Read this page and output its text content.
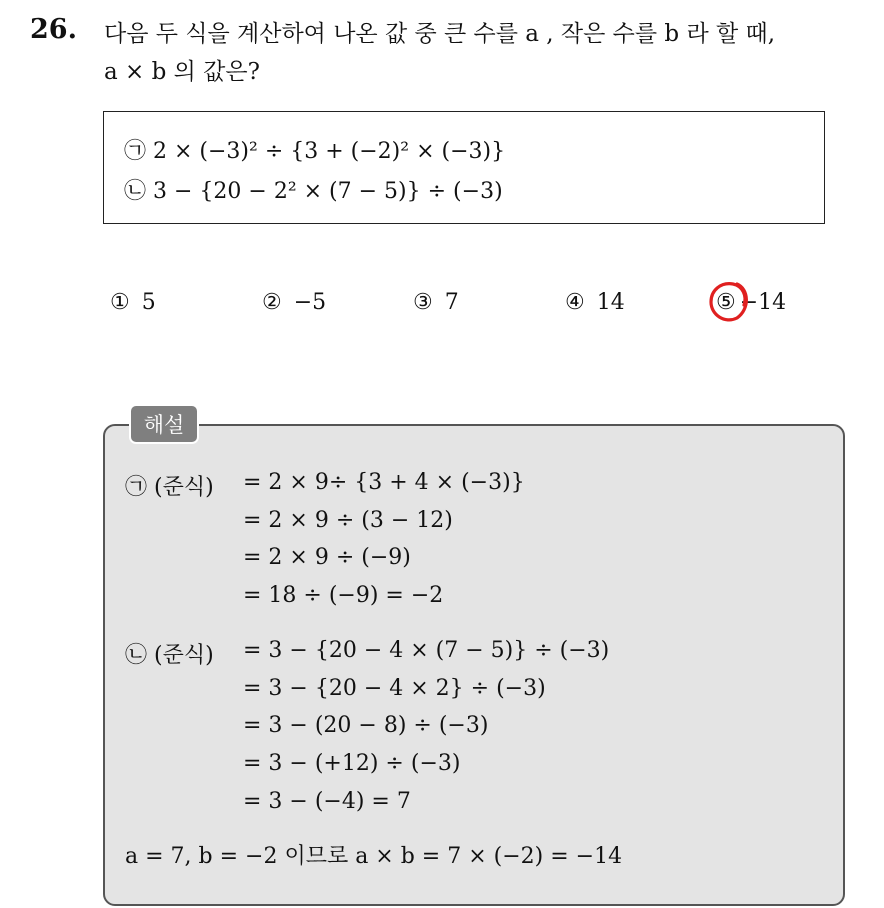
26. 다음 두 식을 계산하여 나온 값 중 큰 수를 a , 작은 수를 b 라 할 때,
a × b 의 값은?
㉠ 2 × (−3)² ÷ {3 + (−2)² × (−3)}
㉡ 3 − {20 − 2² × (7 − 5)} ÷ (−3)
① 5	② −5	③ 7	④ 14	⑤ −14
해설
㉠ (준식) = 2 × 9÷ {3 + 4 × (−3)}
= 2 × 9 ÷ (3 − 12)
= 2 × 9 ÷ (−9)
= 18 ÷ (−9) = −2
㉡ (준식) = 3 − {20 − 4 × (7 − 5)} ÷ (−3)
= 3 − {20 − 4 × 2} ÷ (−3)
= 3 − (20 − 8) ÷ (−3)
= 3 − (+12) ÷ (−3)
= 3 − (−4) = 7
a = 7, b = −2 이므로 a × b = 7 × (−2) = −14
